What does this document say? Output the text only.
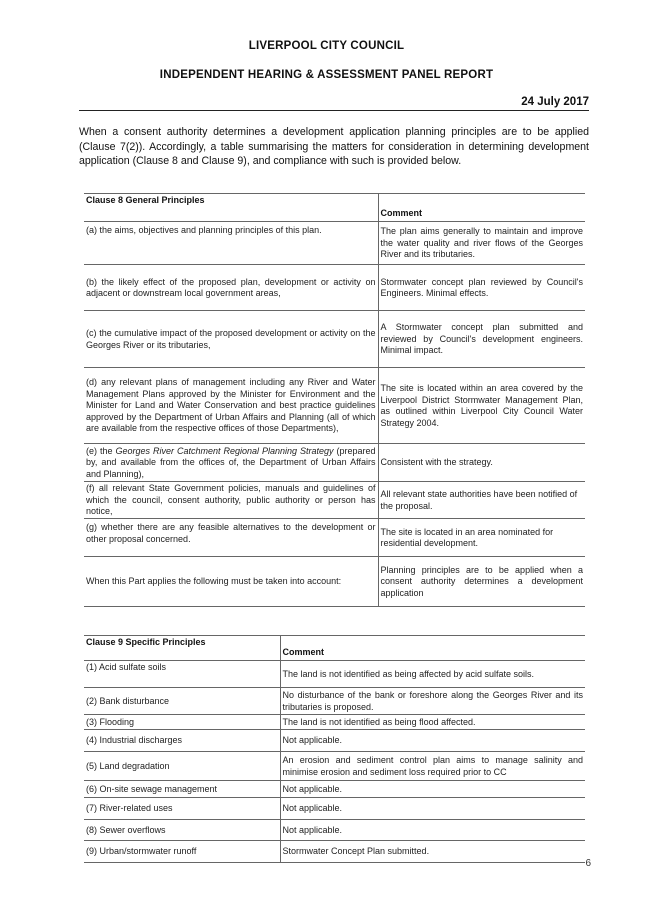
LIVERPOOL CITY COUNCIL
INDEPENDENT HEARING & ASSESSMENT PANEL REPORT
24 July 2017
When a consent authority determines a development application planning principles are to be applied (Clause 7(2)). Accordingly, a table summarising the matters for consideration in determining development application (Clause 8 and Clause 9), and compliance with such is provided below.
Clause 8 General Principles	Comment
(a) the aims, objectives and planning principles of this plan.	The plan aims generally to maintain and improve the water quality and river flows of the Georges River and its tributaries.
(b) the likely effect of the proposed plan, development or activity on adjacent or downstream local government areas,	Stormwater concept plan reviewed by Council's Engineers. Minimal effects.
(c) the cumulative impact of the proposed development or activity on the Georges River or its tributaries,	A Stormwater concept plan submitted and reviewed by Council's development engineers. Minimal impact.
(d) any relevant plans of management including any River and Water Management Plans approved by the Minister for Environment and the Minister for Land and Water Conservation and best practice guidelines approved by the Department of Urban Affairs and Planning (all of which are available from the respective offices of those Departments),	The site is located within an area covered by the Liverpool District Stormwater Management Plan, as outlined within Liverpool City Council Water Strategy 2004.
(e) the Georges River Catchment Regional Planning Strategy (prepared by, and available from the offices of, the Department of Urban Affairs and Planning),	Consistent with the strategy.
(f) all relevant State Government policies, manuals and guidelines of which the council, consent authority, public authority or person has notice,	All relevant state authorities have been notified of the proposal.
(g) whether there are any feasible alternatives to the development or other proposal concerned.	The site is located in an area nominated for residential development.
When this Part applies the following must be taken into account:	Planning principles are to be applied when a consent authority determines a development application
Clause 9 Specific Principles	Comment
(1) Acid sulfate soils	The land is not identified as being affected by acid sulfate soils.
(2) Bank disturbance	No disturbance of the bank or foreshore along the Georges River and its tributaries is proposed.
(3) Flooding	The land is not identified as being flood affected.
(4) Industrial discharges	Not applicable.
(5) Land degradation	An erosion and sediment control plan aims to manage salinity and minimise erosion and sediment loss required prior to CC
(6) On-site sewage management	Not applicable.
(7) River-related uses	Not applicable.
(8) Sewer overflows	Not applicable.
(9) Urban/stormwater runoff	Stormwater Concept Plan submitted.
6
